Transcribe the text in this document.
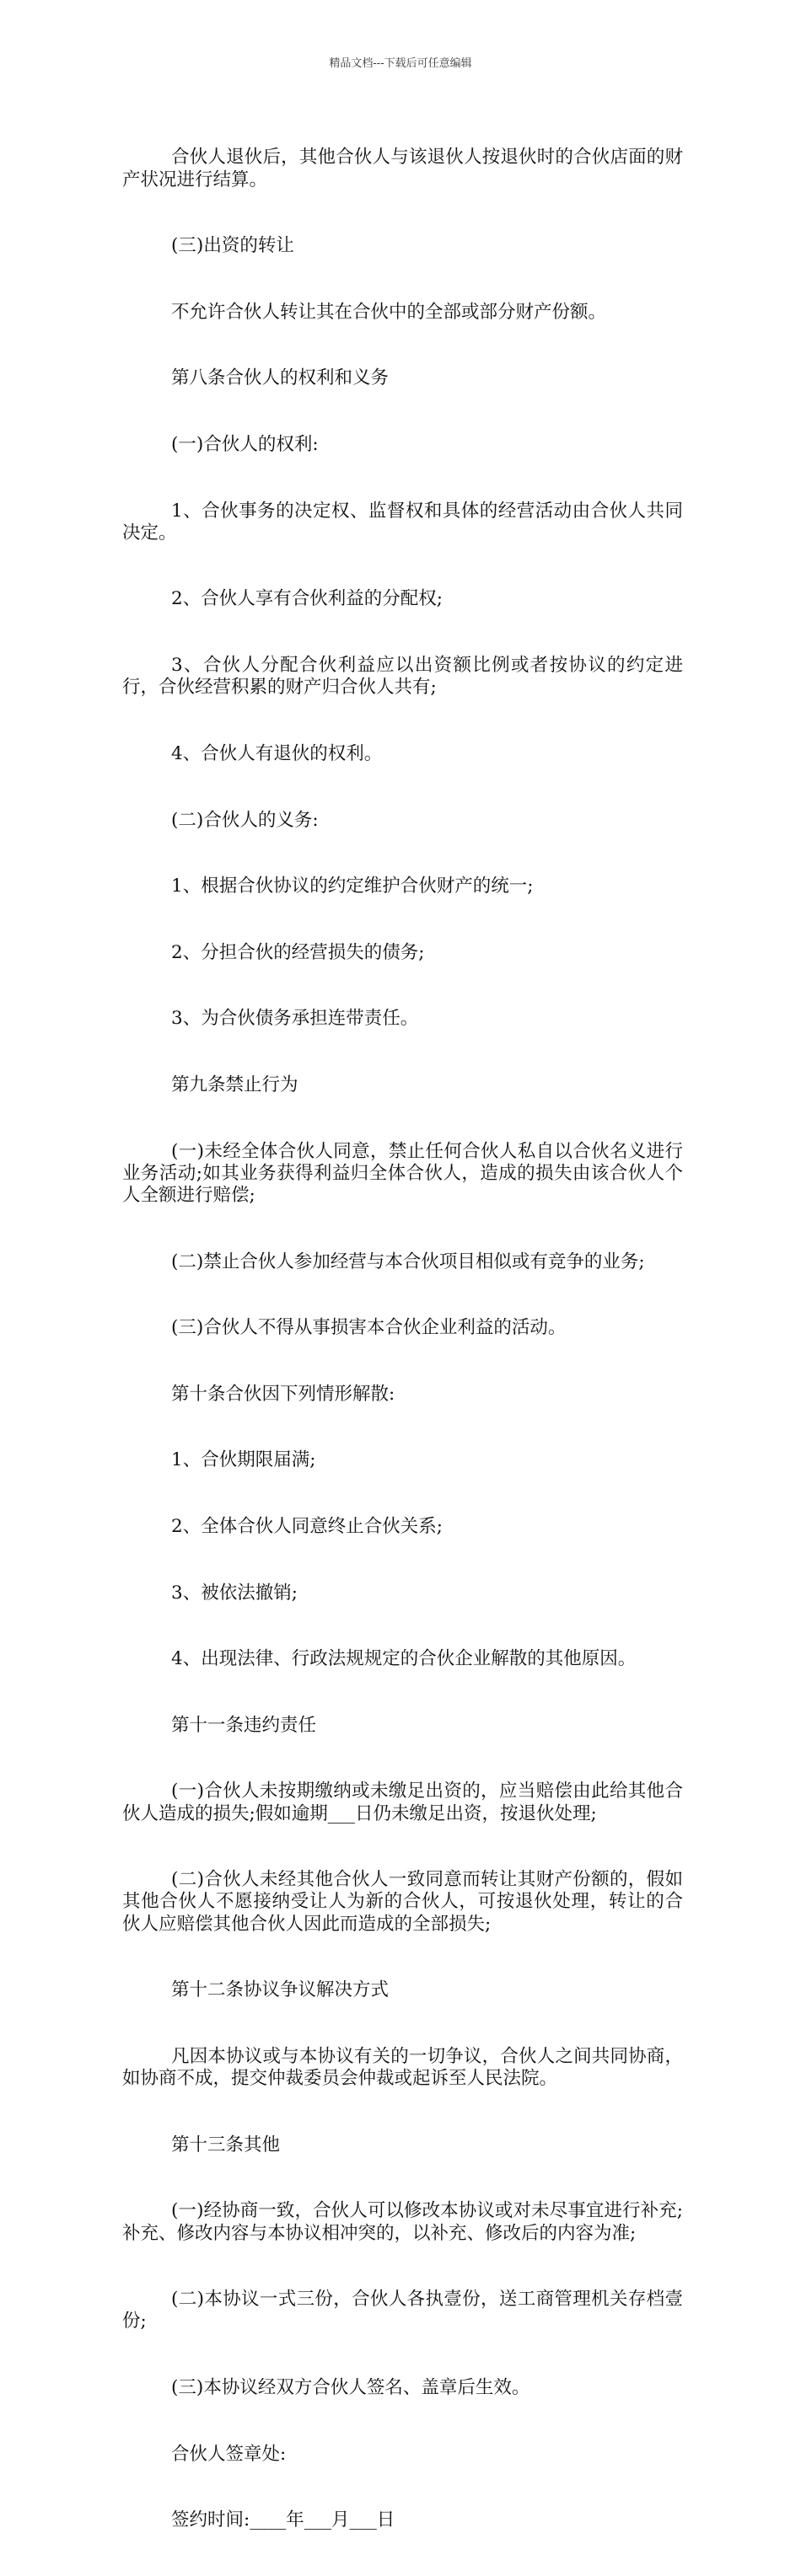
精品文档---下载后可任意编辑

合伙人退伙后，其他合伙人与该退伙人按退伙时的合伙店面的财产状况进行结算。

(三)出资的转让

不允许合伙人转让其在合伙中的全部或部分财产份额。

第八条合伙人的权利和义务

(一)合伙人的权利:

1、合伙事务的决定权、监督权和具体的经营活动由合伙人共同决定。

2、合伙人享有合伙利益的分配权;

3、合伙人分配合伙利益应以出资额比例或者按协议的约定进行，合伙经营积累的财产归合伙人共有;

4、合伙人有退伙的权利。

(二)合伙人的义务:

1、根据合伙协议的约定维护合伙财产的统一;

2、分担合伙的经营损失的债务;

3、为合伙债务承担连带责任。

第九条禁止行为

(一)未经全体合伙人同意，禁止任何合伙人私自以合伙名义进行业务活动;如其业务获得利益归全体合伙人，造成的损失由该合伙人个人全额进行赔偿;

(二)禁止合伙人参加经营与本合伙项目相似或有竞争的业务;

(三)合伙人不得从事损害本合伙企业利益的活动。

第十条合伙因下列情形解散:

1、合伙期限届满;

2、全体合伙人同意终止合伙关系;

3、被依法撤销;

4、出现法律、行政法规规定的合伙企业解散的其他原因。

第十一条违约责任

(一)合伙人未按期缴纳或未缴足出资的，应当赔偿由此给其他合伙人造成的损失;假如逾期___日仍未缴足出资，按退伙处理;

(二)合伙人未经其他合伙人一致同意而转让其财产份额的，假如其他合伙人不愿接纳受让人为新的合伙人，可按退伙处理，转让的合伙人应赔偿其他合伙人因此而造成的全部损失;

第十二条协议争议解决方式

凡因本协议或与本协议有关的一切争议，合伙人之间共同协商，如协商不成，提交仲裁委员会仲裁或起诉至人民法院。

第十三条其他

(一)经协商一致，合伙人可以修改本协议或对未尽事宜进行补充;补充、修改内容与本协议相冲突的，以补充、修改后的内容为准;

(二)本协议一式三份，合伙人各执壹份，送工商管理机关存档壹份;

(三)本协议经双方合伙人签名、盖章后生效。

合伙人签章处:

签约时间:____年___月___日
